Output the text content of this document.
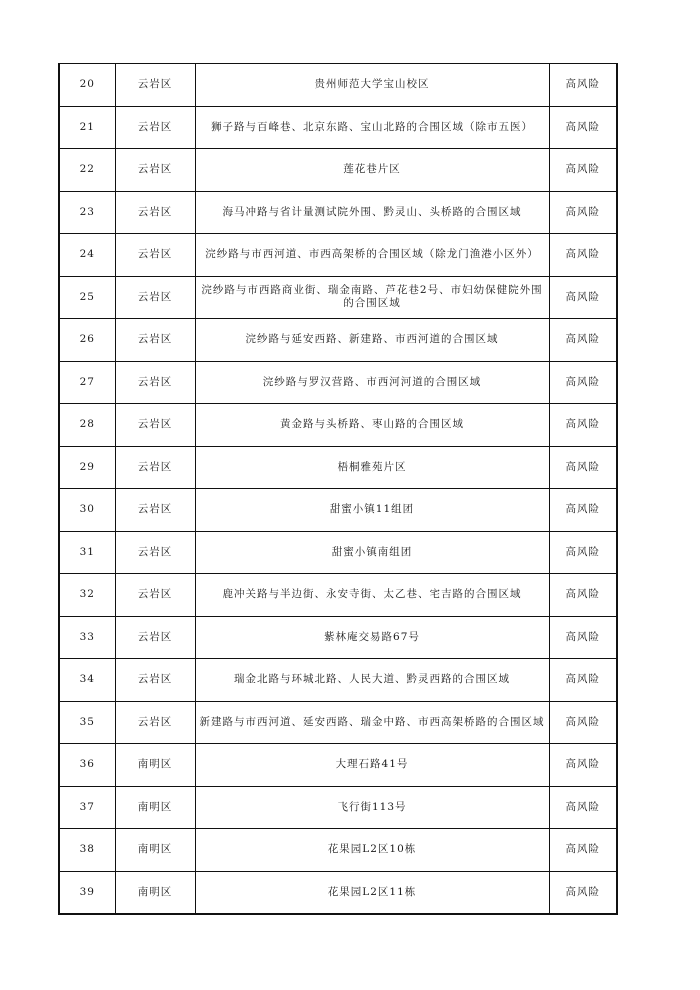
20	云岩区	贵州师范大学宝山校区	高风险
21	云岩区	狮子路与百峰巷、北京东路、宝山北路的合围区域（除市五医）	高风险
22	云岩区	莲花巷片区	高风险
23	云岩区	海马冲路与省计量测试院外围、黔灵山、头桥路的合围区域	高风险
24	云岩区	浣纱路与市西河道、市西高架桥的合围区域（除龙门渔港小区外）	高风险
25	云岩区	浣纱路与市西路商业街、瑞金南路、芦花巷2号、市妇幼保健院外围的合围区域	高风险
26	云岩区	浣纱路与延安西路、新建路、市西河道的合围区域	高风险
27	云岩区	浣纱路与罗汉营路、市西河河道的合围区域	高风险
28	云岩区	黄金路与头桥路、枣山路的合围区域	高风险
29	云岩区	梧桐雅苑片区	高风险
30	云岩区	甜蜜小镇11组团	高风险
31	云岩区	甜蜜小镇南组团	高风险
32	云岩区	鹿冲关路与半边街、永安寺街、太乙巷、宅吉路的合围区域	高风险
33	云岩区	紫林庵交易路67号	高风险
34	云岩区	瑞金北路与环城北路、人民大道、黔灵西路的合围区域	高风险
35	云岩区	新建路与市西河道、延安西路、瑞金中路、市西高架桥路的合围区域	高风险
36	南明区	大理石路41号	高风险
37	南明区	飞行街113号	高风险
38	南明区	花果园L2区10栋	高风险
39	南明区	花果园L2区11栋	高风险
